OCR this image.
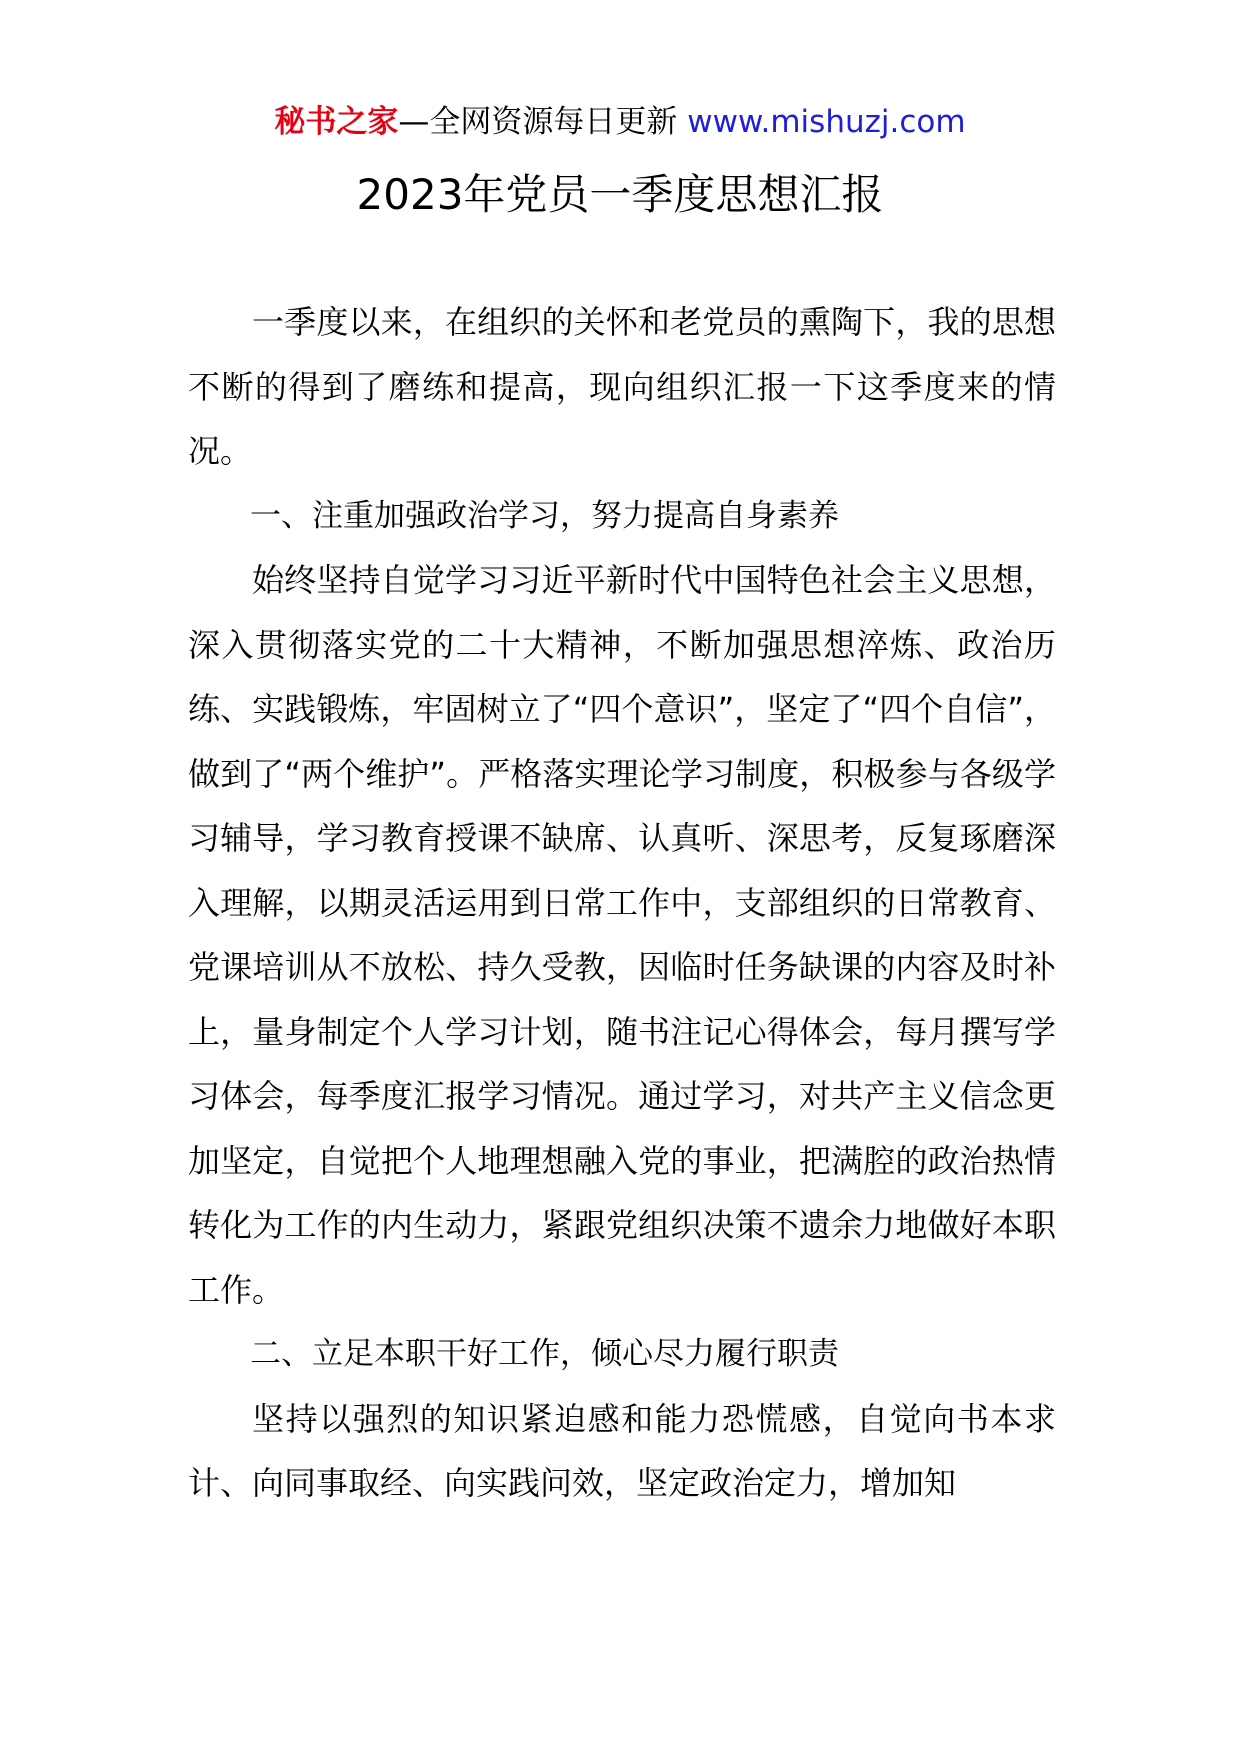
秘书之家—全网资源每日更新 www.mishuzj.com
2023年党员一季度思想汇报

一季度以来，在组织的关怀和老党员的熏陶下，我的思想不断的得到了磨练和提高，现向组织汇报一下这季度来的情况。

一、注重加强政治学习，努力提高自身素养

始终坚持自觉学习习近平新时代中国特色社会主义思想，深入贯彻落实党的二十大精神，不断加强思想淬炼、政治历练、实践锻炼，牢固树立了“四个意识”，坚定了“四个自信”，做到了“两个维护”。严格落实理论学习制度，积极参与各级学习辅导，学习教育授课不缺席、认真听、深思考，反复琢磨深入理解，以期灵活运用到日常工作中，支部组织的日常教育、党课培训从不放松、持久受教，因临时任务缺课的内容及时补上，量身制定个人学习计划，随书注记心得体会，每月撰写学习体会，每季度汇报学习情况。通过学习，对共产主义信念更加坚定，自觉把个人地理想融入党的事业，把满腔的政治热情转化为工作的内生动力，紧跟党组织决策不遗余力地做好本职工作。

二、立足本职干好工作，倾心尽力履行职责

坚持以强烈的知识紧迫感和能力恐慌感，自觉向书本求计、向同事取经、向实践问效，坚定政治定力，增加知
